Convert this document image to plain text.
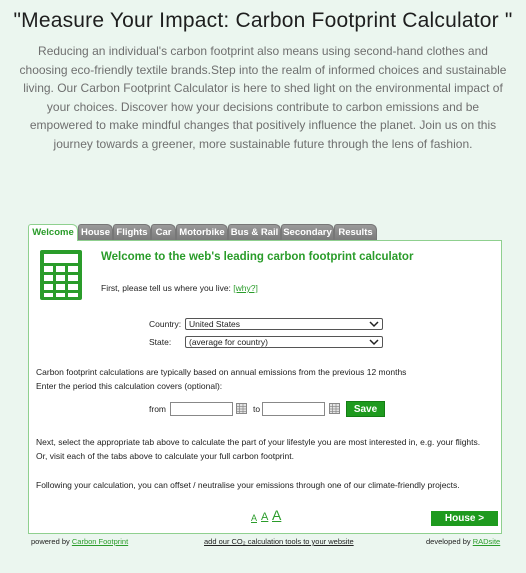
"Measure Your Impact: Carbon Footprint Calculator "
Reducing an individual's carbon footprint also means using second-hand clothes and choosing eco-friendly textile brands.Step into the realm of informed choices and sustainable living. Our Carbon Footprint Calculator is here to shed light on the environmental impact of your choices. Discover how your decisions contribute to carbon emissions and be empowered to make mindful changes that positively influence the planet. Join us on this journey towards a greener, more sustainable future through the lens of fashion.
Welcome House Flights Car Motorbike Bus & Rail Secondary Results
Welcome to the web's leading carbon footprint calculator
First, please tell us where you live: [why?]
Country: United States
State:	(average for country)
Carbon footprint calculations are typically based on annual emissions from the previous 12 months
Enter the period this calculation covers (optional):
from	to	Save
Next, select the appropriate tab above to calculate the part of your lifestyle you are most interested in, e.g. your flights.
Or, visit each of the tabs above to calculate your full carbon footprint.
Following your calculation, you can offset / neutralise your emissions through one of our climate-friendly projects.
A A A	House >
powered by Carbon Footprint	add our CO₂ calculation tools to your website	developed by RADsite
